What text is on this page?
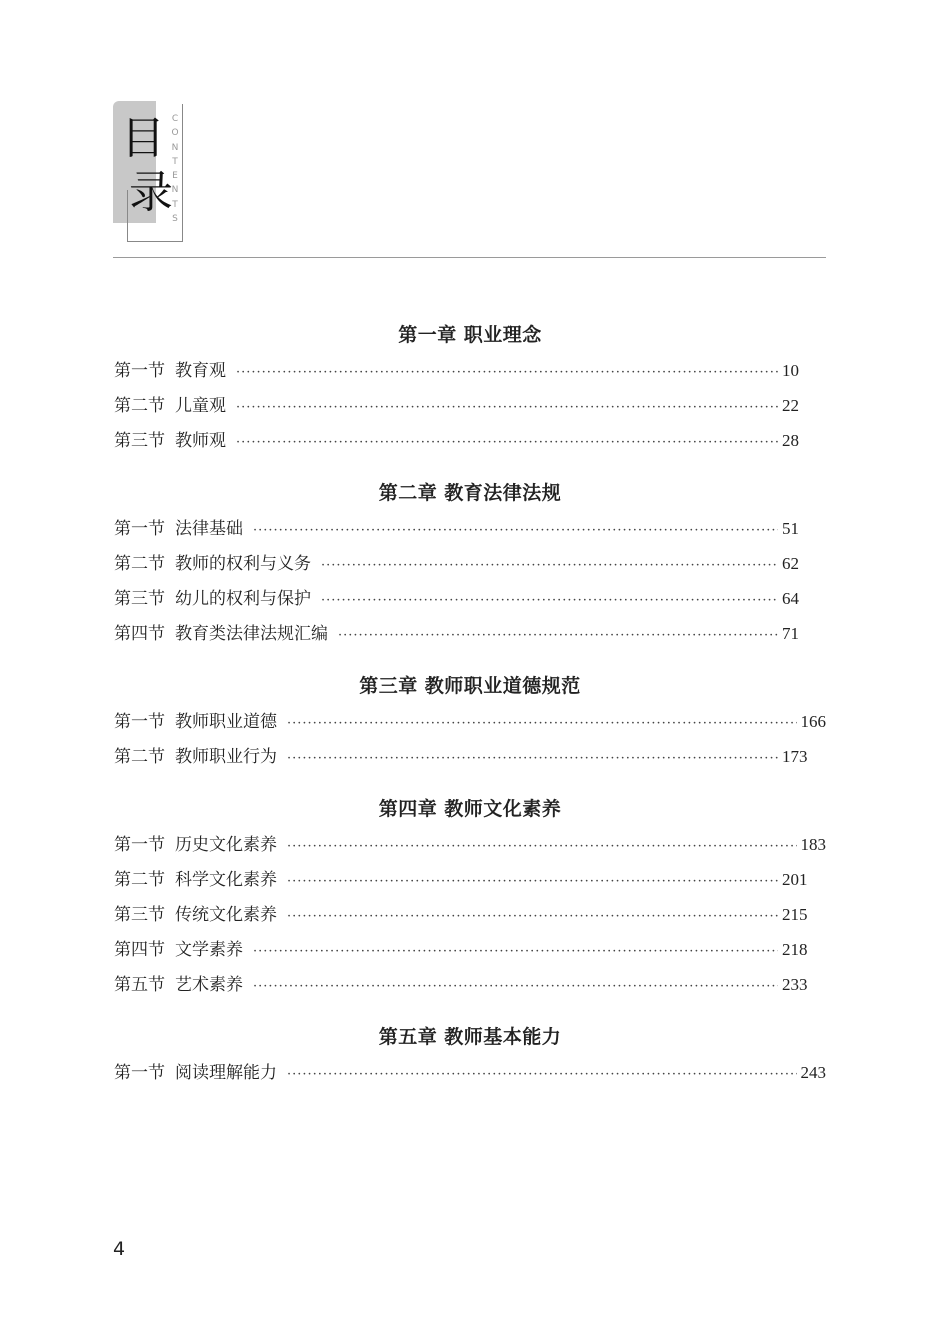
目
录
C
O
N
T
E
N
T
S
第一章 职业理念
第一节 教育观 ·····	10
第二节 儿童观 ·····	22
第三节 教师观 ·····	28
第二章 教育法律法规
第一节 法律基础 ·····	51
第二节 教师的权利与义务 ·····	62
第三节 幼儿的权利与保护 ·····	64
第四节 教育类法律法规汇编 ·····	71
第三章 教师职业道德规范
第一节 教师职业道德 ·····	166
第二节 教师职业行为 ·····	173
第四章 教师文化素养
第一节 历史文化素养 ·····	183
第二节 科学文化素养 ·····	201
第三节 传统文化素养 ·····	215
第四节 文学素养 ·····	218
第五节 艺术素养 ·····	233
第五章 教师基本能力
第一节 阅读理解能力 ·····	243
4
